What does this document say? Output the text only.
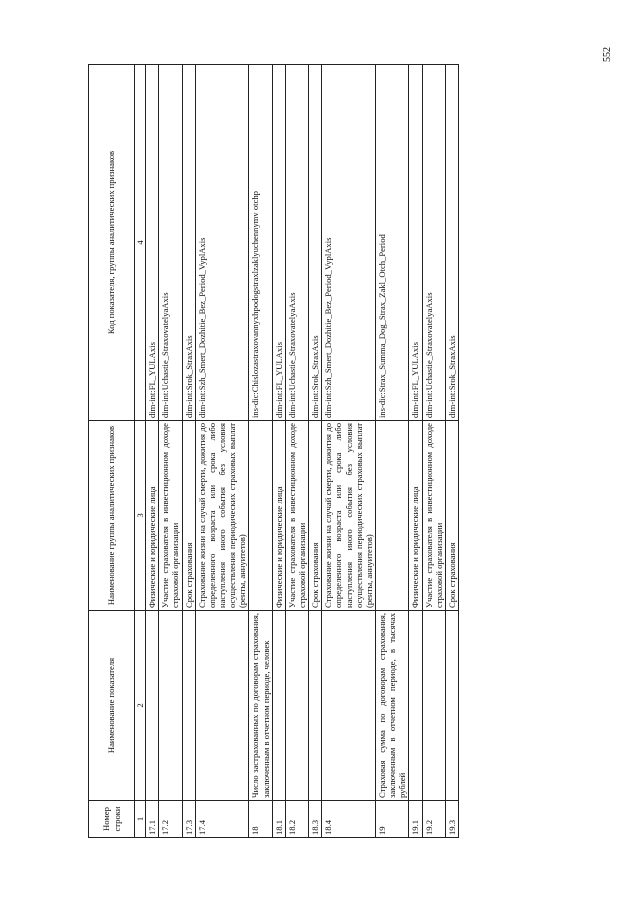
552
Номер строки	Наименование показателя	Наименование группы аналитических признаков	Код показателя, группы аналитических признаков
1	2	3	4
17.1		Физические и юридические лица	dim-int:FL_YULAxis
17.2		Участие страхователя в инвестиционном доходе страховой организации	dim-int:Uchastie_StraxovatelyaAxis
17.3		Срок страхования	dim-int:Srok_StraxAxis
17.4		Страхование жизни на случай смерти, дожития до определенного возраста или срока либо наступления иного события без условия осуществления периодических страховых выплат (ренты, аннуитетов)	dim-int:Szh_Smert_Dozhitie_Bez_Period_VyplAxis
18	Число застрахованных по договорам страхования, заключенным в отчетном периоде, человек		ins-dic:Chislozastraxovannyxhpodogstraxlzaklyuchennymv otchp
18.1		Физические и юридические лица	dim-int:FL_YULAxis
18.2		Участие страхователя в инвестиционном доходе страховой организации	dim-int:Uchastie_StraxovatelyaAxis
18.3		Срок страхования	dim-int:Srok_StraxAxis
18.4		Страхование жизни на случай смерти, дожития до определенного возраста или срока либо наступления иного события без условия осуществления периодических страховых выплат (ренты, аннуитетов)	dim-int:Szh_Smert_Dozhitie_Bez_Period_VyplAxis
19	Страховая сумма по договорам страхования, заключенным в отчетном периоде, в тысячах рублей		ins-dic:Strax_Summa_Dog_Strax_Zakl_Otch_Period
19.1		Физические и юридические лица	dim-int:FL_YULAxis
19.2		Участие страхователя в инвестиционном доходе страховой организации	dim-int:Uchastie_StraxovatelyaAxis
19.3		Срок страхования	dim-int:Srok_StraxAxis
